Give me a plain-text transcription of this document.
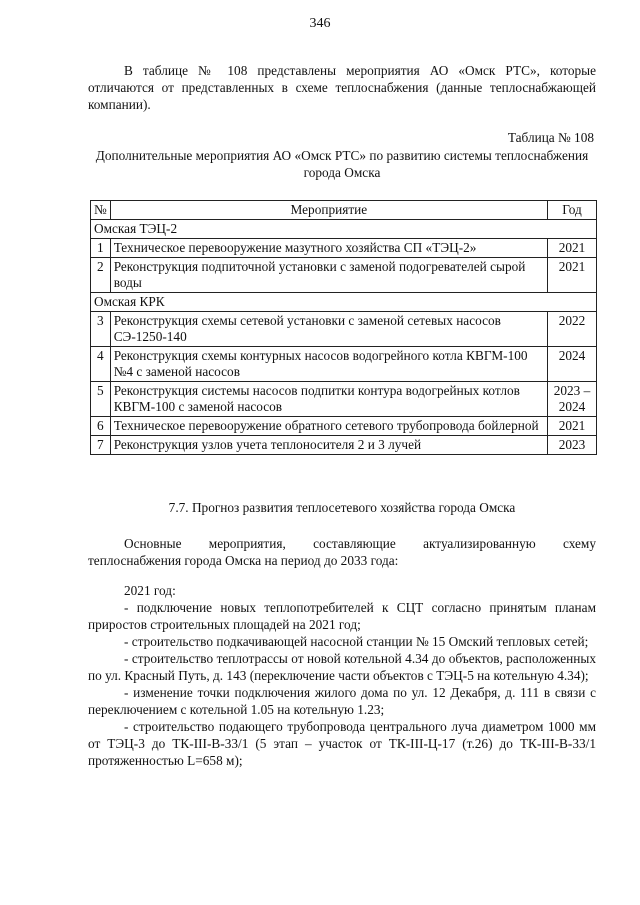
346

В таблице № 108 представлены мероприятия АО «Омск РТС», которые отличаются от представленных в схеме теплоснабжения (данные теплоснабжающей компании).

Таблица № 108
Дополнительные мероприятия АО «Омск РТС» по развитию системы теплоснабжения города Омска
№	Мероприятие	Год
Омская ТЭЦ-2		
1	Техническое перевооружение мазутного хозяйства СП «ТЭЦ-2»	2021
2	Реконструкция подпиточной установки с заменой подогревателей сырой воды	2021
Омская КРК		
3	Реконструкция схемы сетевой установки с заменой сетевых насосов СЭ-1250-140	2022
4	Реконструкция схемы контурных насосов водогрейного котла КВГМ-100 №4 с заменой насосов	2024
5	Реконструкция системы насосов подпитки контура водогрейных котлов КВГМ-100 с заменой насосов	2023 – 2024
6	Техническое перевооружение обратного сетевого трубопровода бойлерной	2021
7	Реконструкция узлов учета теплоносителя 2 и 3 лучей	2023
7.7. Прогноз развития теплосетевого хозяйства города Омска

Основные мероприятия, составляющие актуализированную схему теплоснабжения города Омска на период до 2033 года:

2021 год:

- подключение новых теплопотребителей к СЦТ согласно принятым планам приростов строительных площадей на 2021 год;

- строительство подкачивающей насосной станции № 15 Омский тепловых сетей;

- строительство теплотрассы от новой котельной 4.34 до объектов, расположенных по ул. Красный Путь, д. 143 (переключение части объектов с ТЭЦ-5 на котельную 4.34);

- изменение точки подключения жилого дома по ул. 12 Декабря, д. 111 в связи с переключением с котельной 1.05 на котельную 1.23;

- строительство подающего трубопровода центрального луча диаметром 1000 мм от ТЭЦ-3 до ТК-III-В-33/1 (5 этап – участок от ТК-III-Ц-17 (т.26) до ТК-III-В-33/1 протяженностью L=658 м);
